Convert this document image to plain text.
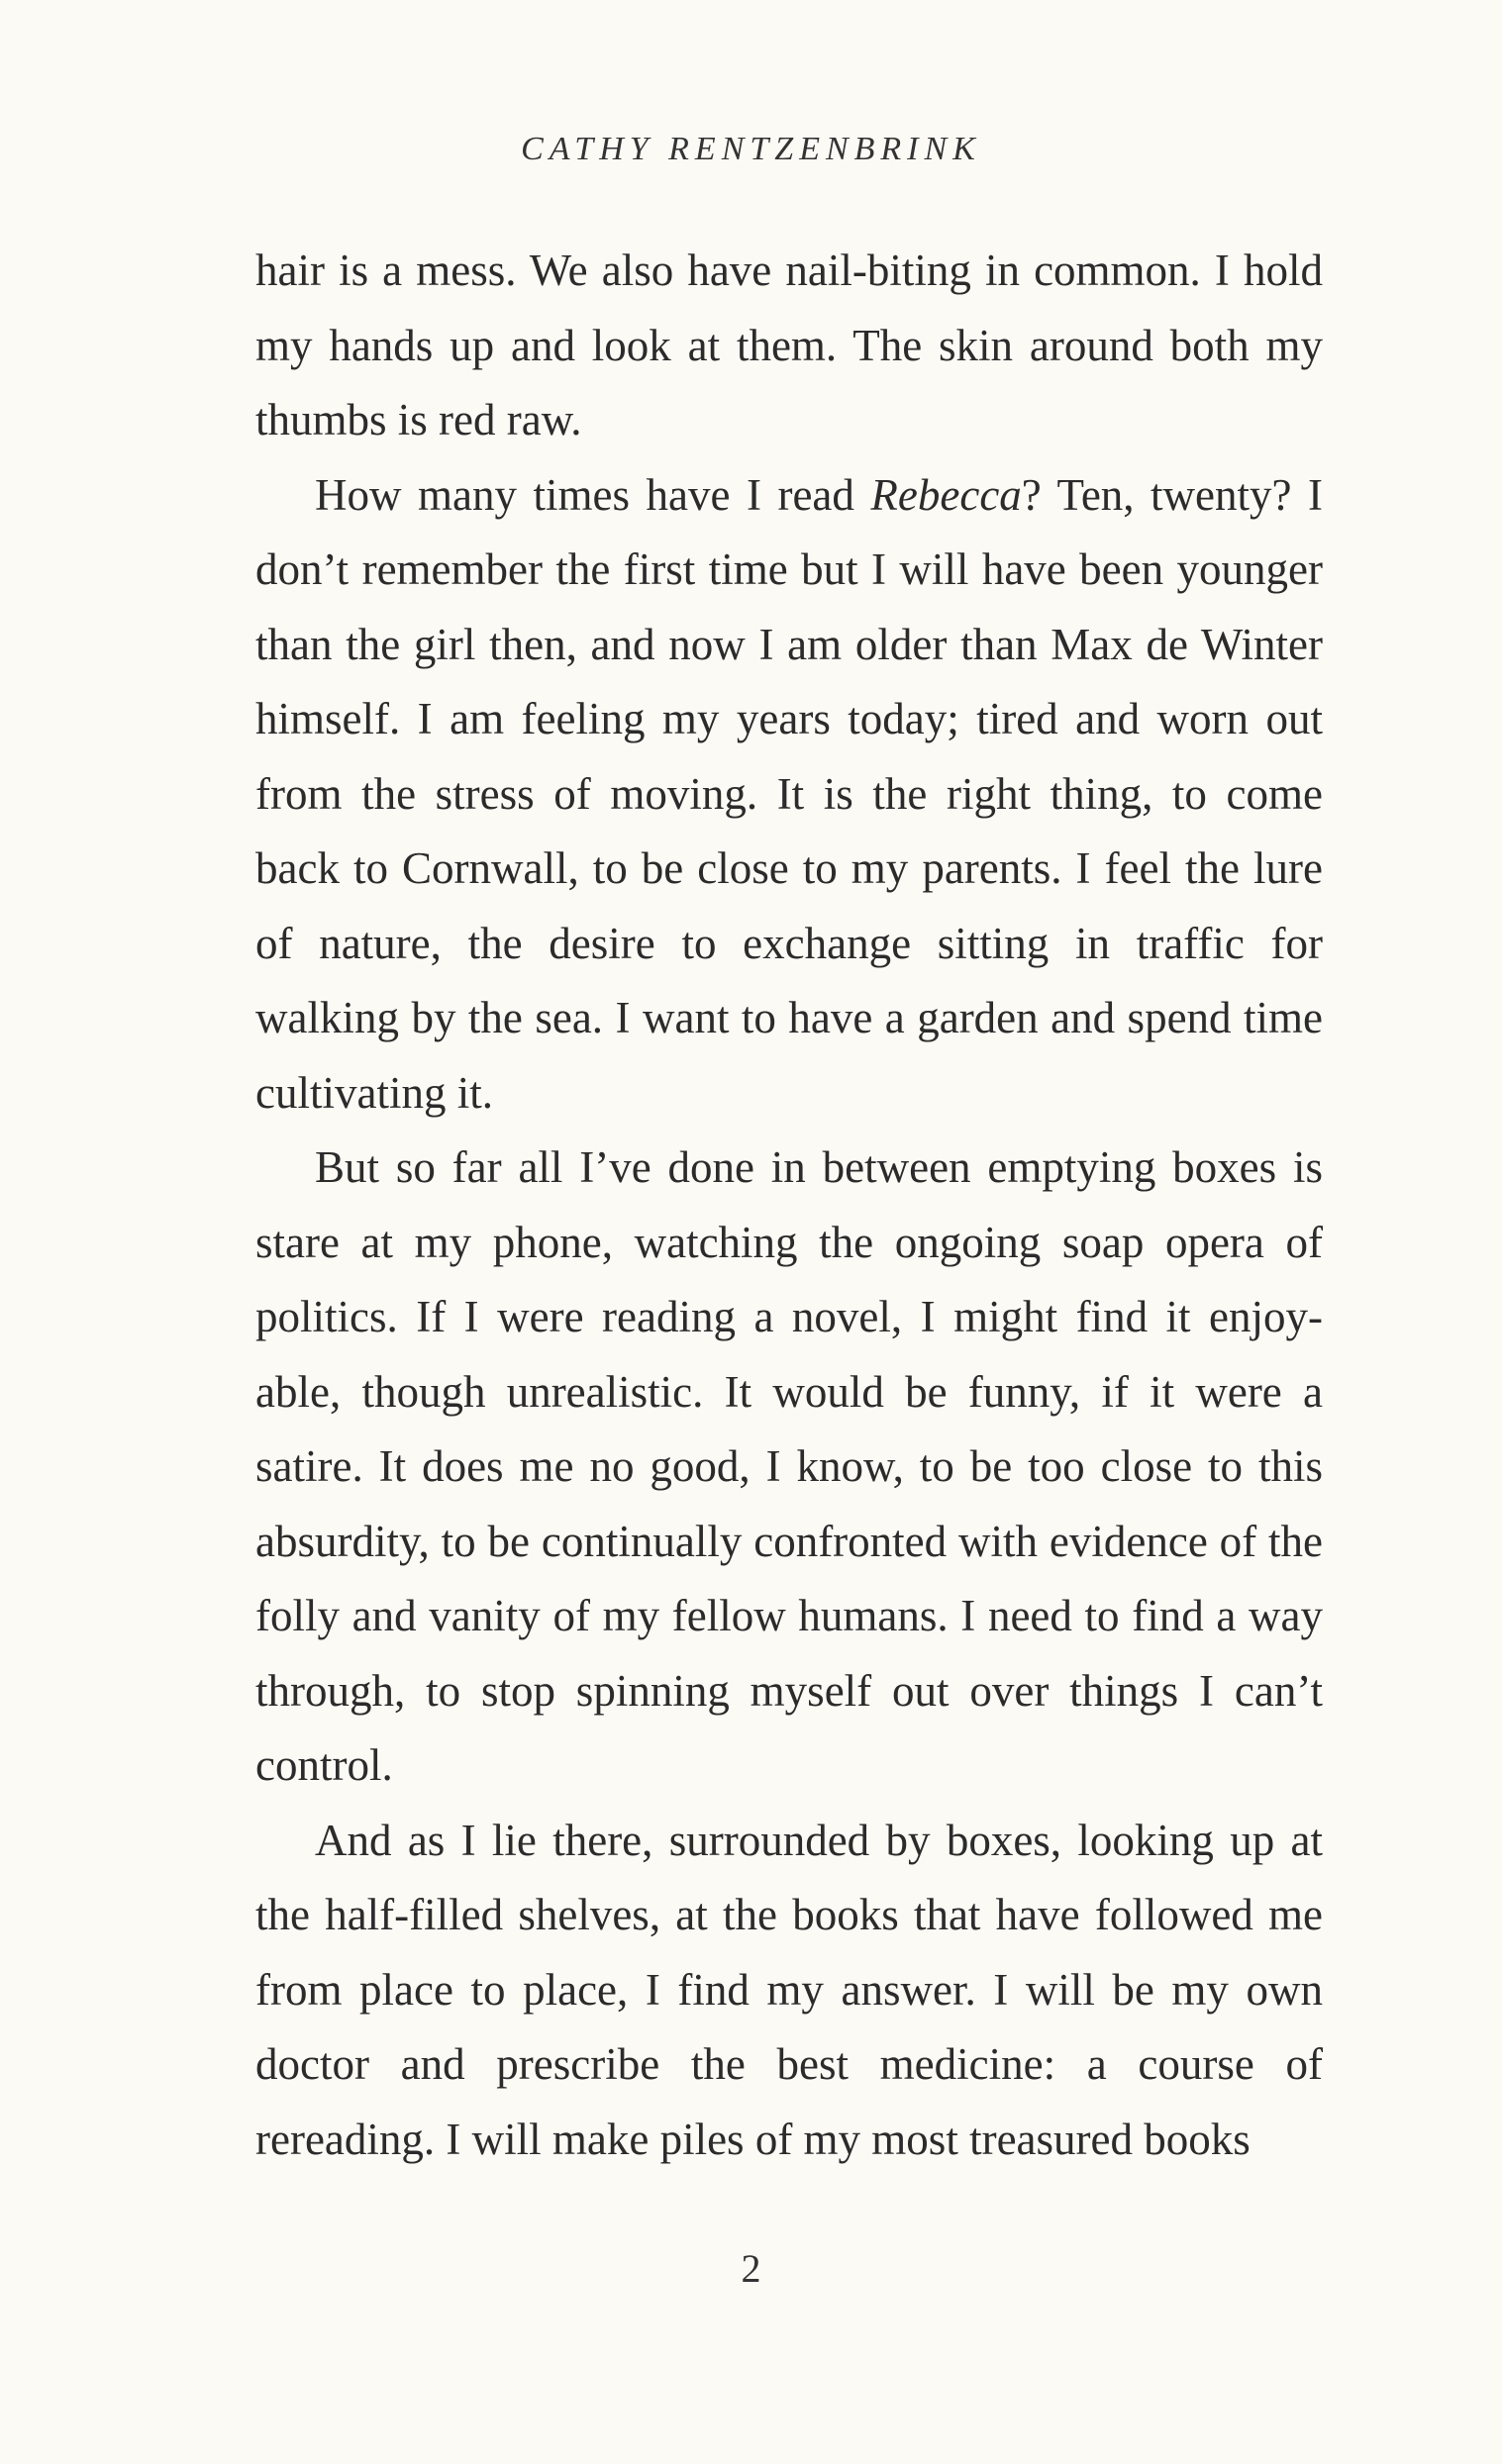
CATHY RENTZENBRINK

hair is a mess. We also have nail-biting in common. I hold my hands up and look at them. The skin around both my thumbs is red raw.

How many times have I read Rebecca? Ten, twenty? I don’t remember the first time but I will have been younger than the girl then, and now I am older than Max de Winter himself. I am feeling my years today; tired and worn out from the stress of moving. It is the right thing, to come back to Cornwall, to be close to my parents. I feel the lure of nature, the desire to exchange sitting in traffic for walking by the sea. I want to have a garden and spend time cultivating it.

But so far all I’ve done in between emptying boxes is stare at my phone, watching the ongoing soap opera of politics. If I were reading a novel, I might find it enjoy-able, though unrealistic. It would be funny, if it were a satire. It does me no good, I know, to be too close to this absurdity, to be continually confronted with evidence of the folly and vanity of my fellow humans. I need to find a way through, to stop spinning myself out over things I can’t control.

And as I lie there, surrounded by boxes, looking up at the half-filled shelves, at the books that have followed me from place to place, I find my answer. I will be my own doctor and prescribe the best medicine: a course of rereading. I will make piles of my most treasured books

2
